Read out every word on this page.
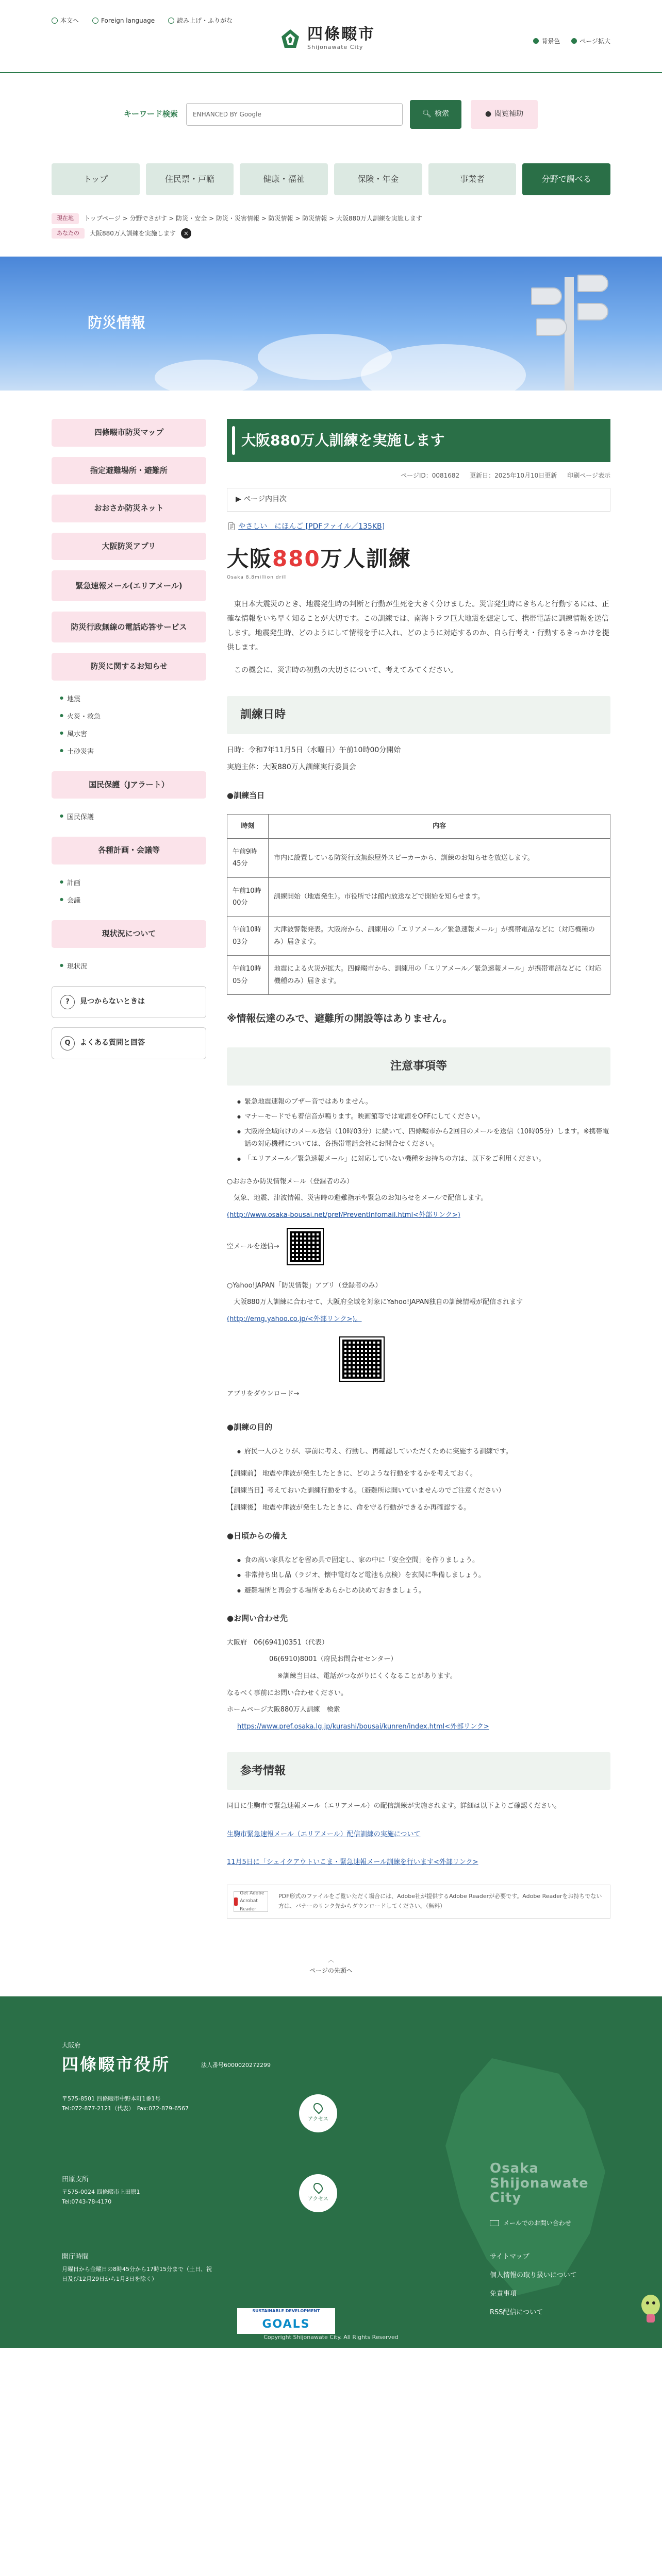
本文へ	Foreign language	読み上げ・ふりがな
四條畷市
Shijonawate City
背景色	ページ拡大
キーワード検索 ENHANCED BY Google	🔍︎ 検索	● 閲覧補助
トップ	住民票・戸籍	健康・福祉	保険・年金	事業者	分野で調べる
現在地	トップページ > 分野でさがす > 防災・安全 > 防災・災害情報 > 防災情報 > 防災情報 > 大阪880万人訓練を実施します
あなたの	大阪880万人訓練を実施します	×
防災情報
四條畷市防災マップ
指定避難場所・避難所
おおさか防災ネット
大阪防災アプリ
緊急速報メール(エリアメール)
防災行政無線の電話応答サービス
防災に関するお知らせ
● 地震
● 火災・救急
● 風水害
● 土砂災害
国民保護（Jアラート）
● 国民保護
各種計画・会議等
● 計画
● 会議
現状況について
● 現状況
?	見つからないときは
Q	よくある質問と回答
大阪880万人訓練を実施します
ページID：0081682 更新日：2025年10月10日更新 印刷ページ表示
▶ ページ内目次
📄︎ やさしい　にほんご [PDFファイル／135KB]
大阪880万人訓練
Osaka 8.8million drill

東日本大震災のとき、地震発生時の判断と行動が生死を大きく分けました。災害発生時にきちんと行動するには、正確な情報をいち早く知ることが大切です。この訓練では、南海トラフ巨大地震を想定して、携帯電話に訓練情報を送信します。地震発生時、どのようにして情報を手に入れ、どのように対応するのか、自ら行考え・行動するきっかけを提供します。

この機会に、災害時の初動の大切さについて、考えてみてください。

訓練日時

日時：令和7年11月5日（水曜日）午前10時00分開始

実施主体：大阪880万人訓練実行委員会

●訓練当日

時刻	内容
午前9時45分	市内に設置している防災行政無線屋外スピーカーから、訓練のお知らせを放送します。
午前10時00分	訓練開始（地震発生）。市役所では館内放送などで開始を知らせます。
午前10時03分	大津波警報発表。大阪府から、訓練用の「エリアメール／緊急速報メール」が携帯電話などに（対応機種のみ）届きます。
午前10時05分	地震による火災が拡大。四條畷市から、訓練用の「エリアメール／緊急速報メール」が携帯電話などに（対応機種のみ）届きます。

※情報伝達のみで、避難所の開設等はありません。

注意事項等
● 緊急地震速報のブザー音ではありません。
● マナーモードでも着信音が鳴ります。映画館等では電源をOFFにしてください。
● 大阪府全域向けのメール送信（10時03分）に続いて、四條畷市から2回目のメールを送信（10時05分）します。※携帯電話の対応機種については、各携帯電話会社にお問合せください。
● 「エリアメール／緊急速報メール」に対応していない機種をお持ちの方は、以下をご利用ください。

○おおさか防災情報メール（登録者のみ）

気象、地震、津波情報、災害時の避難指示や緊急のお知らせをメールで配信します。

(http://www.osaka-bousai.net/pref/PreventInfomail.html<外部リンク>)

空メールを送信→

○Yahoo!JAPAN「防災情報」アプリ（登録者のみ）

大阪880万人訓練に合わせて、大阪府全域を対象にYahoo!JAPAN独自の訓練情報が配信されます

(http://emg.yahoo.co.jp/<外部リンク>)。

アプリをダウンロード→

●訓練の目的

● 府民一人ひとりが、事前に考え、行動し、再確認していただくために実施する訓練です。

【訓練前】 地震や津波が発生したときに、どのような行動をするかを考えておく。

【訓練当日】考えておいた訓練行動をする。（避難所は開いていませんのでご注意ください）

【訓練後】 地震や津波が発生したときに、命を守る行動ができるか再確認する。

●日頃からの備え

● 食の高い家具などを留め具で固定し、家の中に「安全空間」を作りましょう。
● 非常持ち出し品（ラジオ、懐中電灯など電池も点検）を玄関に準備しましょう。
● 避難場所と再会する場所をあらかじめ決めておきましょう。

●お問い合わせ先

大阪府　06(6941)0351（代表）

06(6910)8001（府民お問合せセンター）

※訓練当日は、電話がつながりにくくなることがあります。

なるべく事前にお問い合わせください。

ホームページ大阪880万人訓練　検索

https://www.pref.osaka.lg.jp/kurashi/bousai/kunren/index.html<外部リンク>

参考情報

同日に生駒市で緊急速報メール（エリアメール）の配信訓練が実施されます。詳細は以下よりご確認ください。

生駒市緊急速報メール（エリアメール）配信訓練の実施について

11月5日に「シェイクアウトいこま・緊急速報メール訓練を行います<外部リンク>

Get Adobe Acrobat Reader
PDF形式のファイルをご覧いただく場合には、Adobe社が提供するAdobe Readerが必要です。Adobe Readerをお持ちでない方は、バナーのリンク先からダウンロードしてください。（無料）
︿
ページの先頭へ
大阪府
四條畷市役所	法人番号6000020272299
〒575-8501 四條畷市中野本町1番1号
Tel:072-877-2121（代表）　Fax:072-879-6567
アクセス
田原支所
〒575-0024 四條畷市上田原1
Tel:0743-78-4170	アクセス
開庁時間
月曜日から金曜日の8時45分から17時15分まで（土日、祝日及び12月29日から1月3日を除く）
Osaka
Shijonawate
City
メールでのお問い合わせ
サイトマップ
個人情報の取り扱いについて
免責事項
RSS配信について
SUSTAINABLE DEVELOPMENT
GOALS
Copyright Shijonawate City. All Rights Reserved
